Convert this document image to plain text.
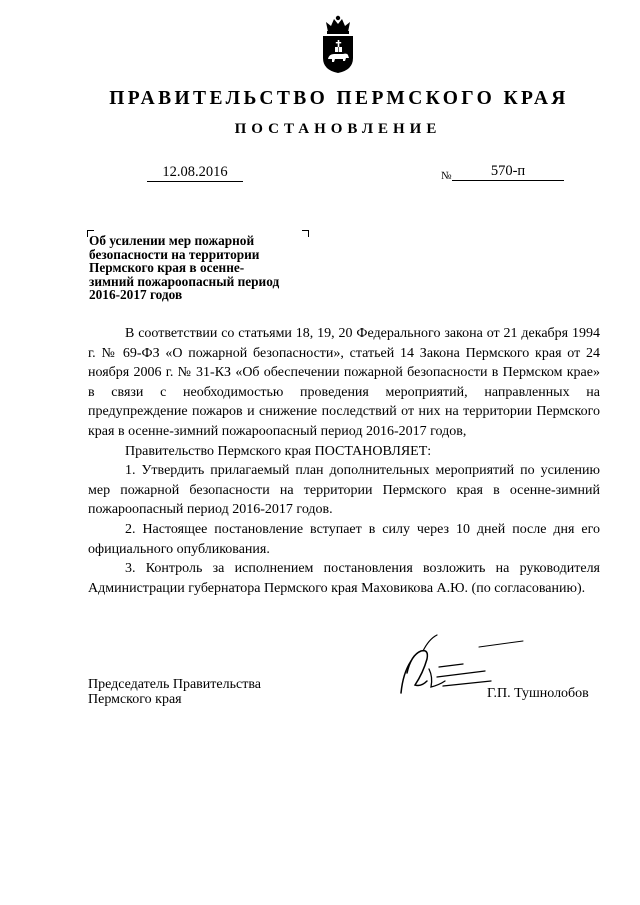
ПРАВИТЕЛЬСТВО ПЕРМСКОГО КРАЯ
ПОСТАНОВЛЕНИЕ
12.08.2016	№	570-п

Об усилении мер пожарной
безопасности на территории
Пермского края в осенне-
зимний пожароопасный период
2016-2017 годов

В соответствии со статьями 18, 19, 20 Федерального закона от 21 декабря 1994 г. № 69-ФЗ «О пожарной безопасности», статьей 14 Закона Пермского края от 24 ноября 2006 г. № 31-КЗ «Об обеспечении пожарной безопасности в Пермском крае» в связи с необходимостью проведения мероприятий, направленных на предупреждение пожаров и снижение последствий от них на территории Пермского края в осенне-зимний пожароопасный период 2016-2017 годов,

Правительство Пермского края ПОСТАНОВЛЯЕТ:

1. Утвердить прилагаемый план дополнительных мероприятий по усилению мер пожарной безопасности на территории Пермского края в осенне-зимний пожароопасный период 2016-2017 годов.

2. Настоящее постановление вступает в силу через 10 дней после дня его официального опубликования.

3. Контроль за исполнением постановления возложить на руководителя Администрации губернатора Пермского края Маховикова А.Ю. (по согласованию).

Председатель Правительства
Пермского края	Г.П. Тушнолобов
